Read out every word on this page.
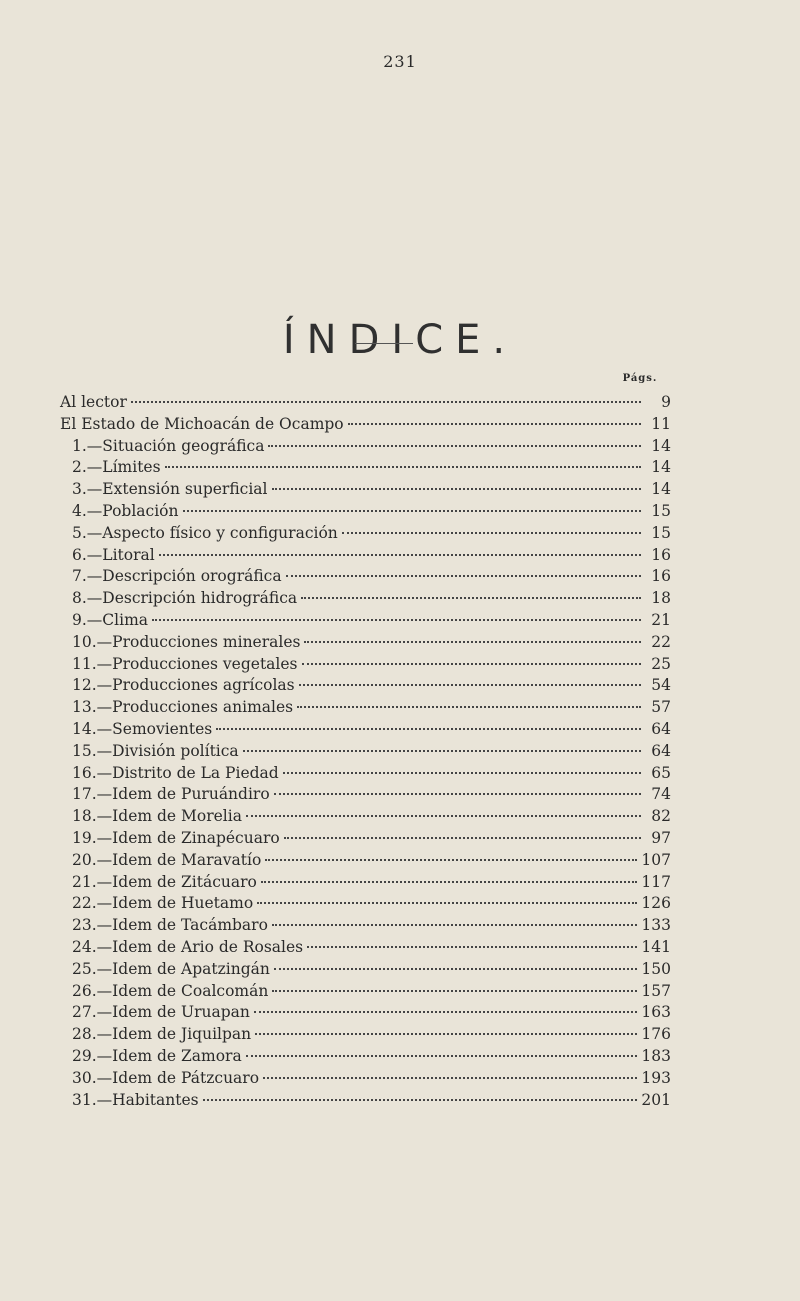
231
ÍNDICE.
Págs.
Al lector	9
El Estado de Michoacán de Ocampo	11
1.—Situación geográfica	14
2.—Límites	14
3.—Extensión superficial	14
4.—Población	15
5.—Aspecto físico y configuración	15
6.—Litoral	16
7.—Descripción orográfica	16
8.—Descripción hidrográfica	18
9.—Clima	21
10.—Producciones minerales	22
11.—Producciones vegetales	25
12.—Producciones agrícolas	54
13.—Producciones animales	57
14.—Semovientes	64
15.—División política	64
16.—Distrito de La Piedad	65
17.—Idem de Puruándiro	74
18.—Idem de Morelia	82
19.—Idem de Zinapécuaro	97
20.—Idem de Maravatío	107
21.—Idem de Zitácuaro	117
22.—Idem de Huetamo	126
23.—Idem de Tacámbaro	133
24.—Idem de Ario de Rosales	141
25.—Idem de Apatzingán	150
26.—Idem de Coalcomán	157
27.—Idem de Uruapan	163
28.—Idem de Jiquilpan	176
29.—Idem de Zamora	183
30.—Idem de Pátzcuaro	193
31.—Habitantes	201
